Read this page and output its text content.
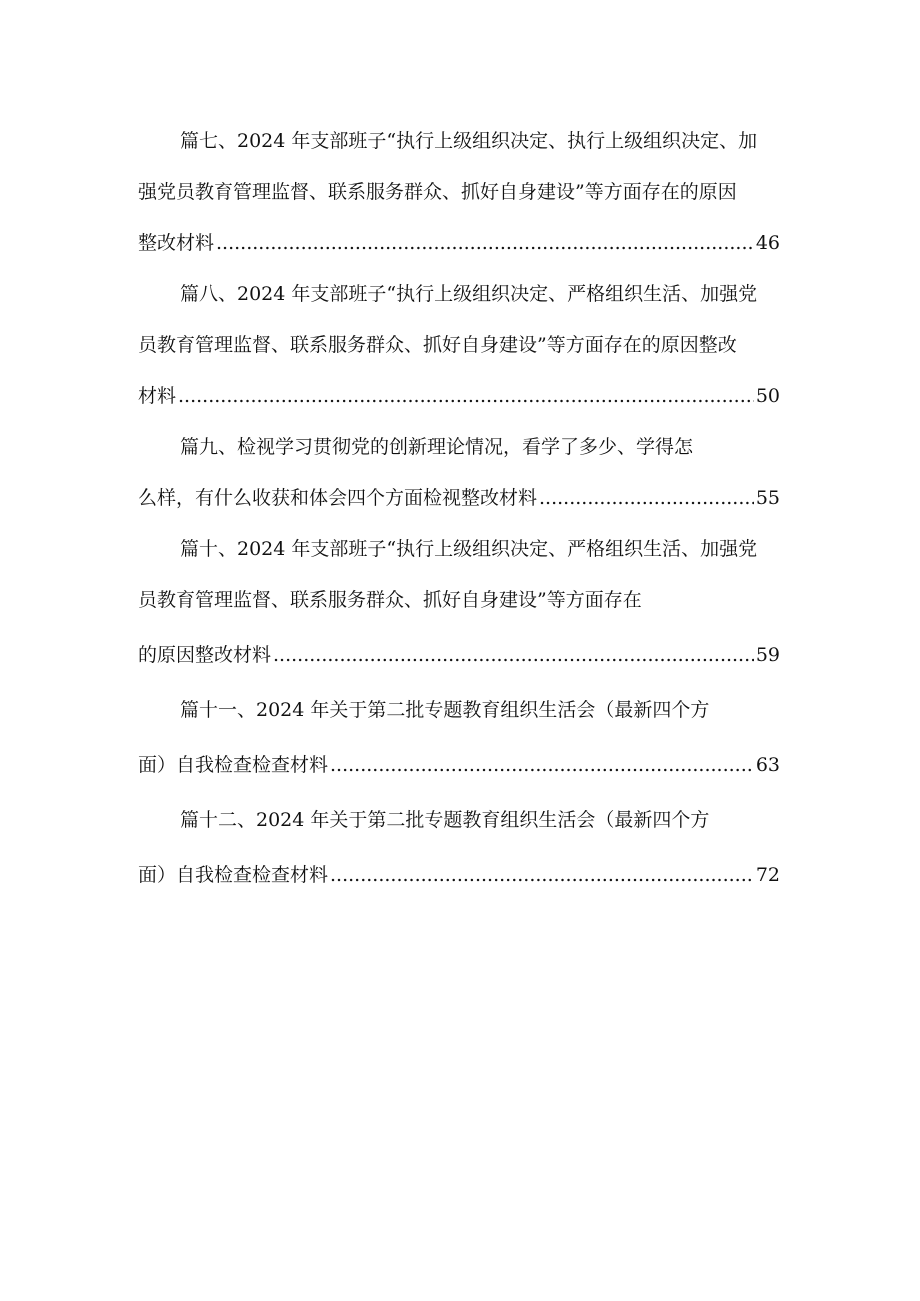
篇七、2024 年支部班子“执行上级组织决定、执行上级组织决定、加
强党员教育管理监督、联系服务群众、抓好自身建设”等方面存在的原因
整改材料 .....	46
篇八、2024 年支部班子“执行上级组织决定、严格组织生活、加强党
员教育管理监督、联系服务群众、抓好自身建设”等方面存在的原因整改
材料 .....	50
篇九、检视学习贯彻党的创新理论情况，看学了多少、学得怎
么样，有什么收获和体会四个方面检视整改材料 .....	55
篇十、2024 年支部班子“执行上级组织决定、严格组织生活、加强党
员教育管理监督、联系服务群众、抓好自身建设”等方面存在
的原因整改材料 .....	59
篇十一、2024 年关于第二批专题教育组织生活会（最新四个方
面）自我检查检查材料 .....	63
篇十二、2024 年关于第二批专题教育组织生活会（最新四个方
面）自我检查检查材料 .....	72
